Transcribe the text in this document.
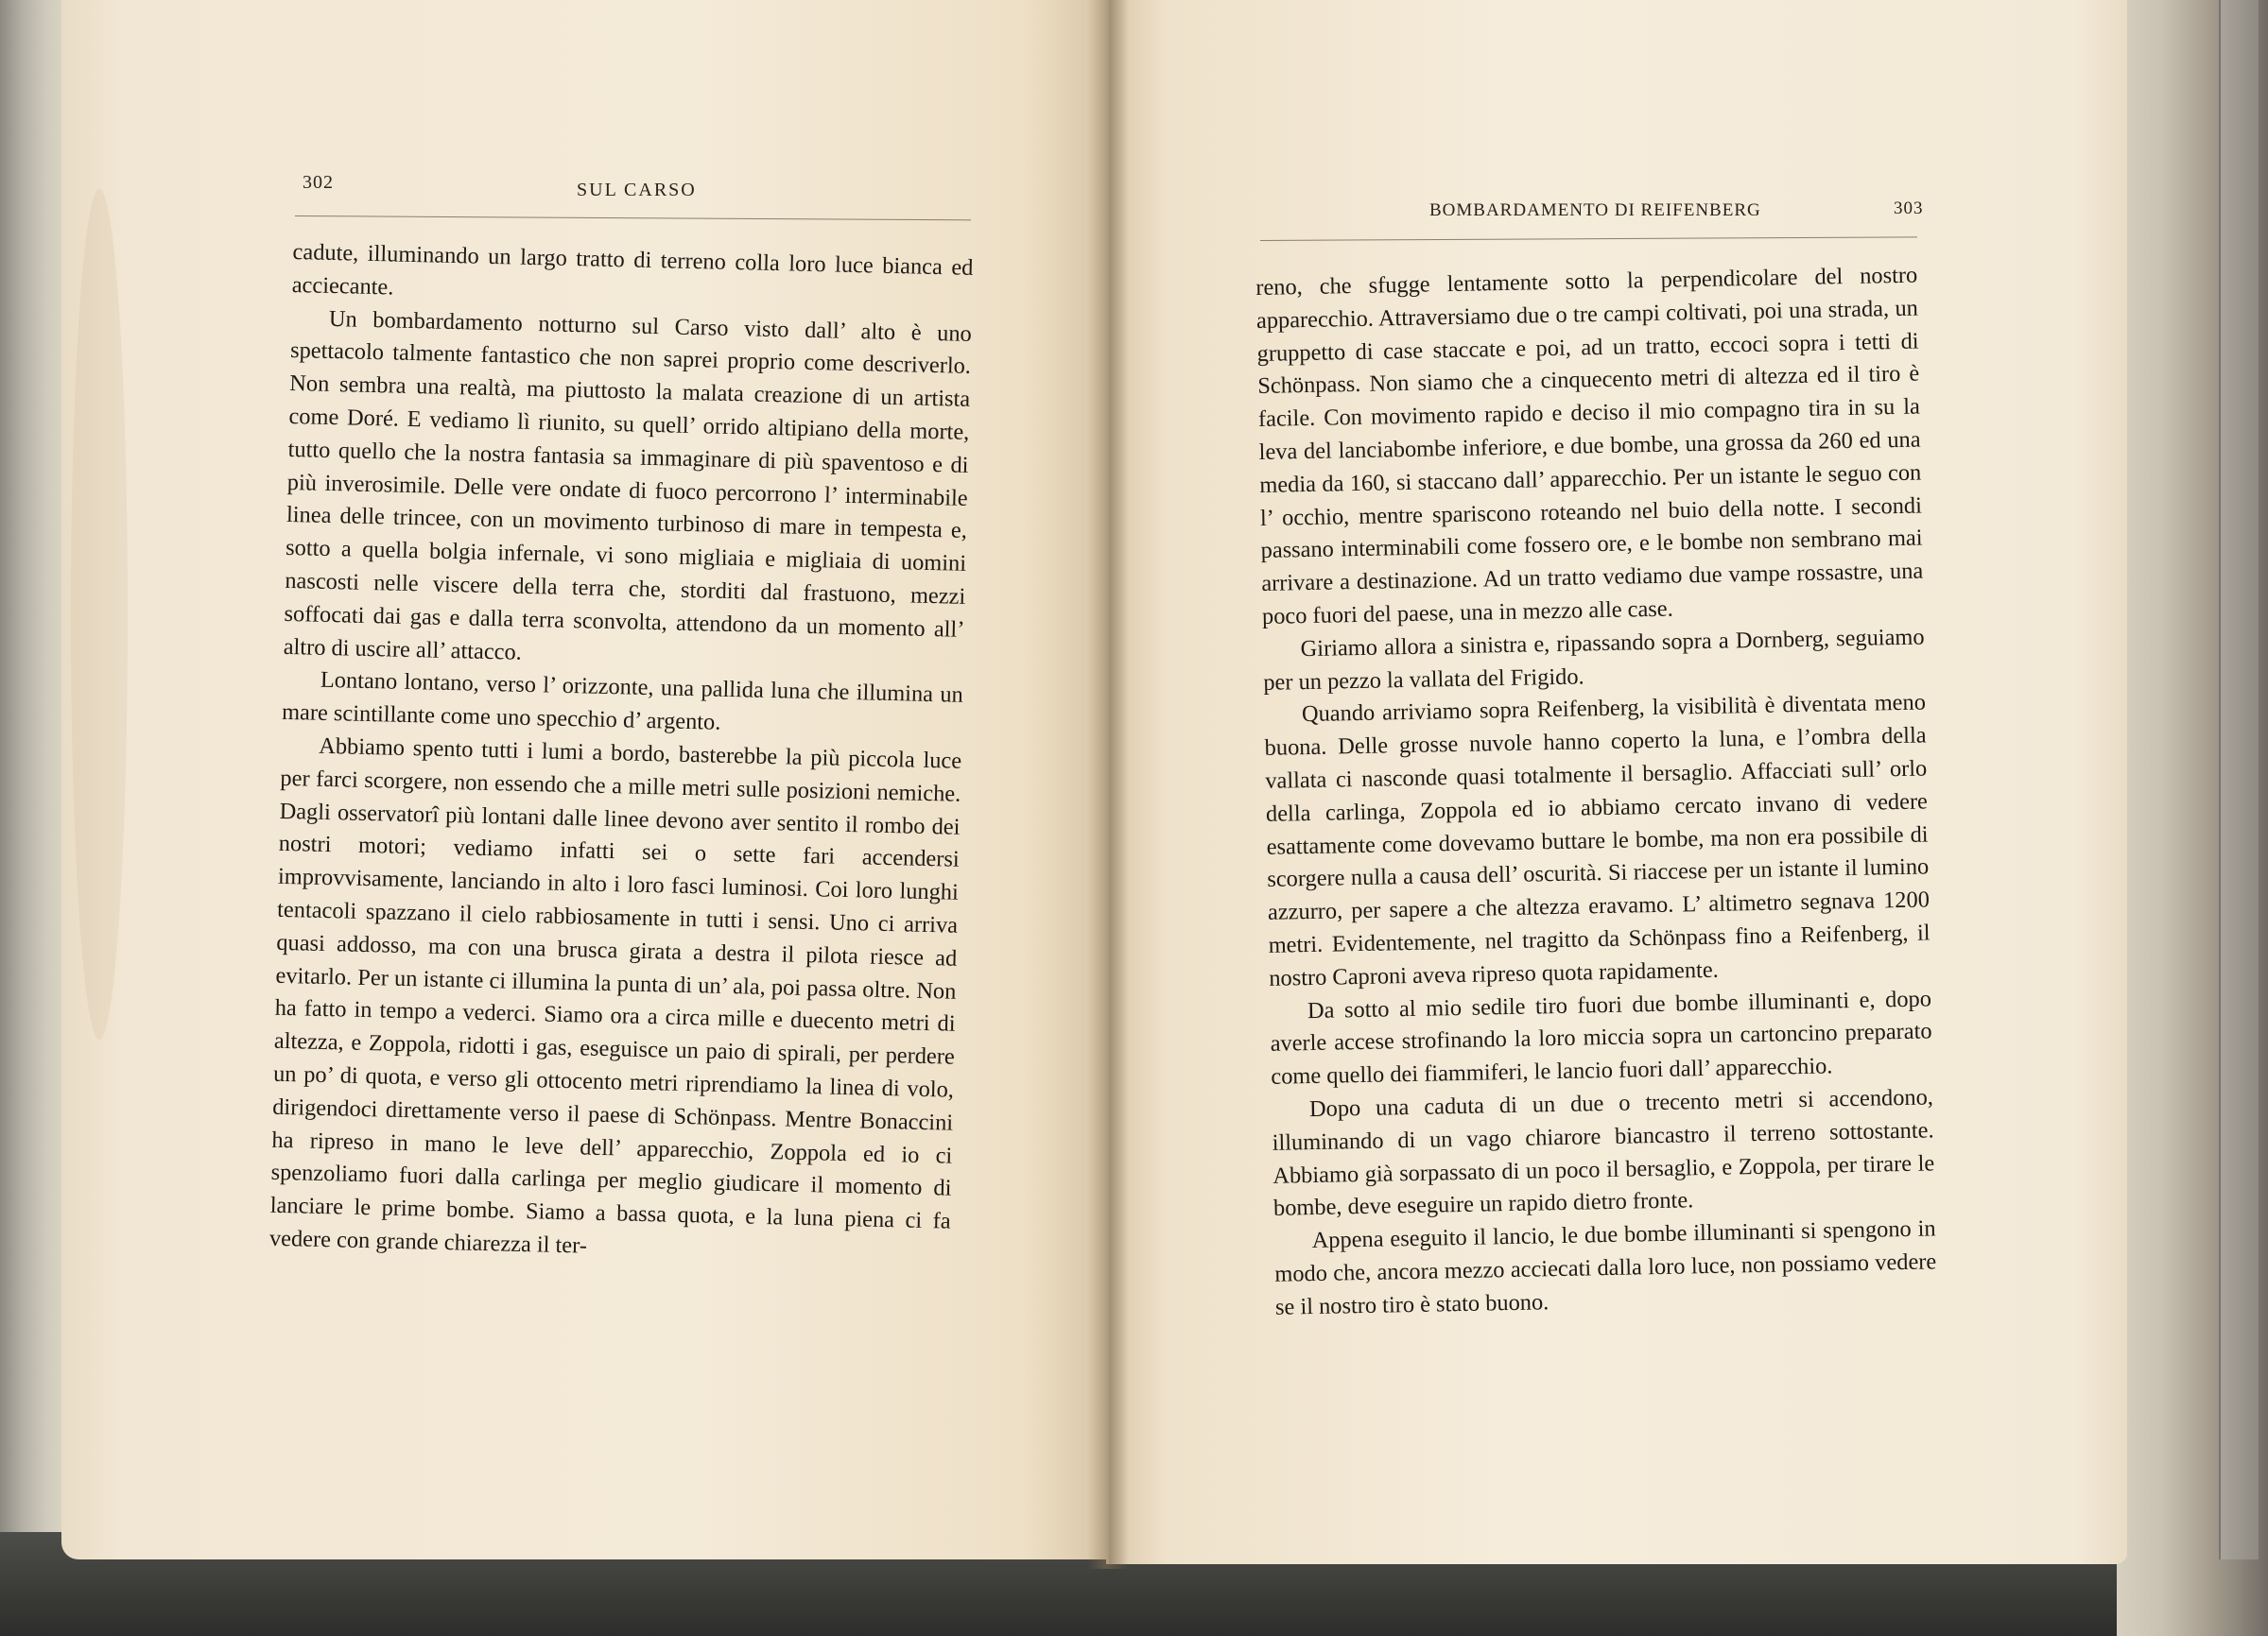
302	SUL CARSO

cadute, illuminando un largo tratto di terreno colla loro luce bianca ed acciecante.

Un bombardamento notturno sul Carso visto dall’ alto è uno spettacolo talmente fantastico che non saprei proprio come descriverlo. Non sembra una realtà, ma piuttosto la malata creazione di un artista come Doré. E vediamo lì riunito, su quell’ orrido altipiano della morte, tutto quello che la nostra fantasia sa immaginare di più spaventoso e di più inverosimile. Delle vere ondate di fuoco percorrono l’ interminabile linea delle trincee, con un movimento turbinoso di mare in tempesta e, sotto a quella bolgia infernale, vi sono migliaia e migliaia di uomini nascosti nelle viscere della terra che, storditi dal frastuono, mezzi soffocati dai gas e dalla terra sconvolta, attendono da un momento all’ altro di uscire all’ attacco.

Lontano lontano, verso l’ orizzonte, una pallida luna che illumina un mare scintillante come uno specchio d’ argento.

Abbiamo spento tutti i lumi a bordo, basterebbe la più piccola luce per farci scorgere, non essendo che a mille metri sulle posizioni nemiche. Dagli osservatorî più lontani dalle linee devono aver sentito il rombo dei nostri motori; vediamo infatti sei o sette fari accendersi improvvisamente, lanciando in alto i loro fasci luminosi. Coi loro lunghi tentacoli spazzano il cielo rabbiosamente in tutti i sensi. Uno ci arriva quasi addosso, ma con una brusca girata a destra il pilota riesce ad evitarlo. Per un istante ci illumina la punta di un’ ala, poi passa oltre. Non ha fatto in tempo a vederci. Siamo ora a circa mille e duecento metri di altezza, e Zoppola, ridotti i gas, eseguisce un paio di spirali, per perdere un po’ di quota, e verso gli ottocento metri riprendiamo la linea di volo, dirigendoci direttamente verso il paese di Schönpass. Mentre Bonaccini ha ripreso in mano le leve dell’ apparecchio, Zoppola ed io ci spenzoliamo fuori dalla carlinga per meglio giudicare il momento di lanciare le prime bombe. Siamo a bassa quota, e la luna piena ci fa vedere con grande chiarezza il ter-

BOMBARDAMENTO DI REIFENBERG	303

reno, che sfugge lentamente sotto la perpendicolare del nostro apparecchio. Attraversiamo due o tre campi coltivati, poi una strada, un gruppetto di case staccate e poi, ad un tratto, eccoci sopra i tetti di Schönpass. Non siamo che a cinquecento metri di altezza ed il tiro è facile. Con movimento rapido e deciso il mio compagno tira in su la leva del lanciabombe inferiore, e due bombe, una grossa da 260 ed una media da 160, si staccano dall’ apparecchio. Per un istante le seguo con l’ occhio, mentre spariscono roteando nel buio della notte. I secondi passano interminabili come fossero ore, e le bombe non sembrano mai arrivare a destinazione. Ad un tratto vediamo due vampe rossastre, una poco fuori del paese, una in mezzo alle case.

Giriamo allora a sinistra e, ripassando sopra a Dornberg, seguiamo per un pezzo la vallata del Frigido.

Quando arriviamo sopra Reifenberg, la visibilità è diventata meno buona. Delle grosse nuvole hanno coperto la luna, e l’ombra della vallata ci nasconde quasi totalmente il bersaglio. Affacciati sull’ orlo della carlinga, Zoppola ed io abbiamo cercato invano di vedere esattamente come dovevamo buttare le bombe, ma non era possibile di scorgere nulla a causa dell’ oscurità. Si riaccese per un istante il lumino azzurro, per sapere a che altezza eravamo. L’ altimetro segnava 1200 metri. Evidentemente, nel tragitto da Schönpass fino a Reifenberg, il nostro Caproni aveva ripreso quota rapidamente.

Da sotto al mio sedile tiro fuori due bombe illuminanti e, dopo averle accese strofinando la loro miccia sopra un cartoncino preparato come quello dei fiammiferi, le lancio fuori dall’ apparecchio.

Dopo una caduta di un due o trecento metri si accendono, illuminando di un vago chiarore biancastro il terreno sottostante. Abbiamo già sorpassato di un poco il bersaglio, e Zoppola, per tirare le bombe, deve eseguire un rapido dietro fronte.

Appena eseguito il lancio, le due bombe illuminanti si spengono in modo che, ancora mezzo acciecati dalla loro luce, non possiamo vedere se il nostro tiro è stato buono.
